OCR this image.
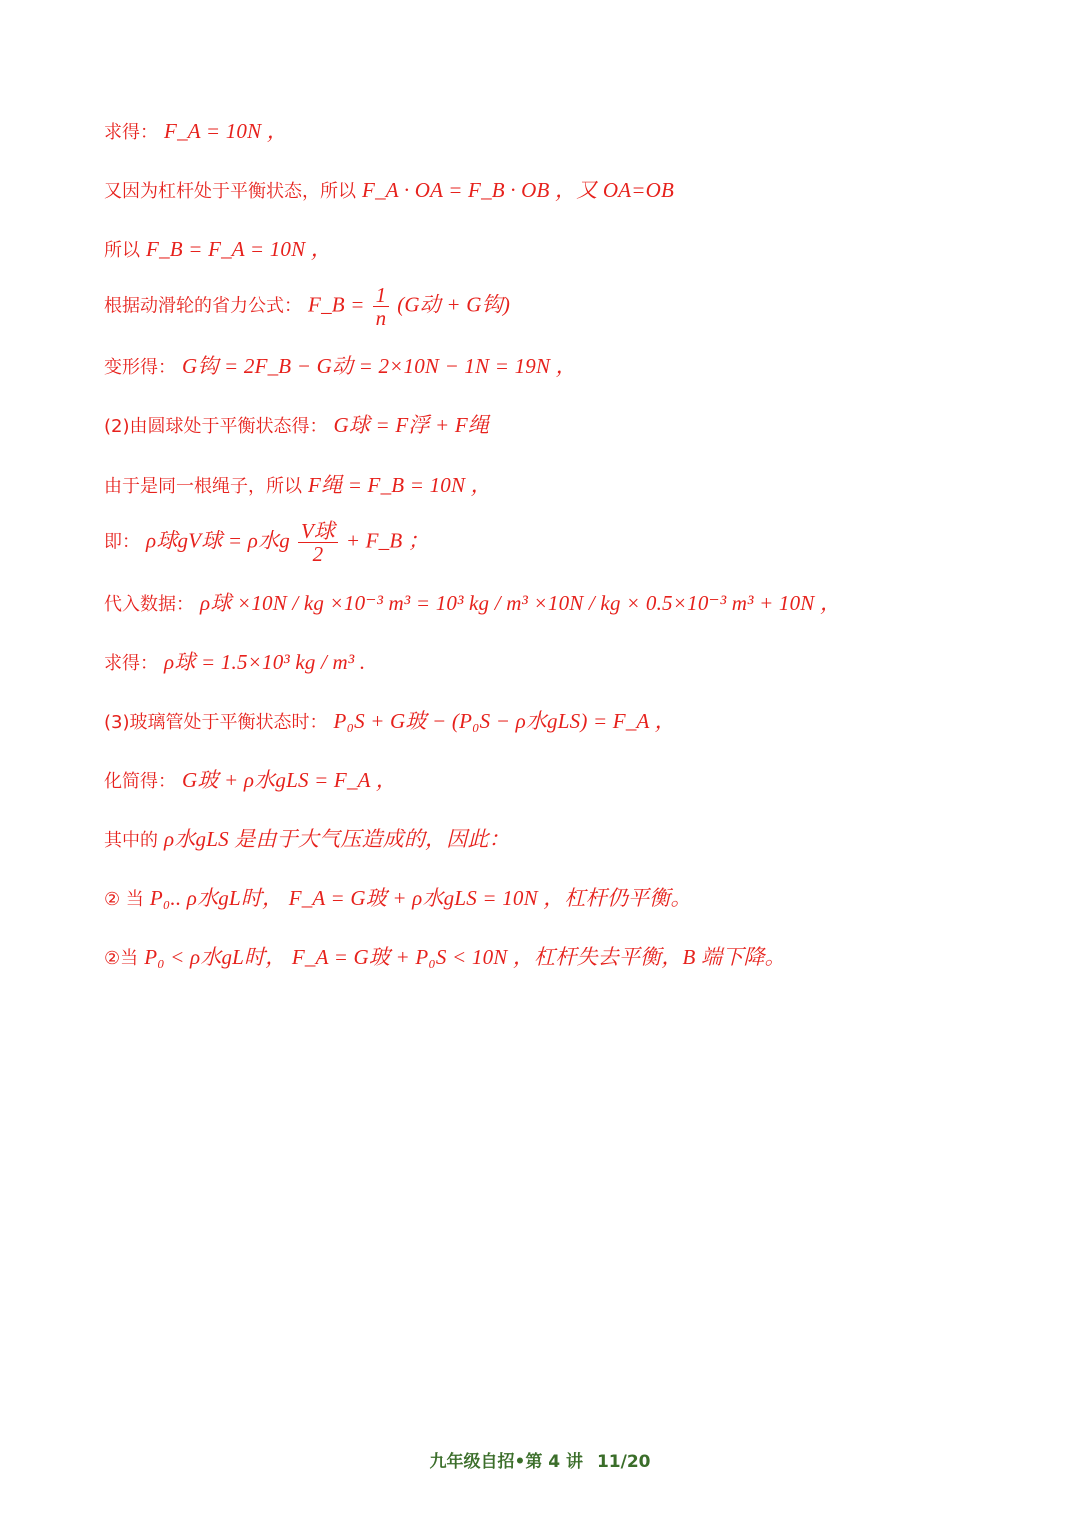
求得： F_A = 10N ，
又因为杠杆处于平衡状态，所以 F_A · OA = F_B · OB ，又 OA=OB
所以 F_B = F_A = 10N ，
根据动滑轮的省力公式： F_B = $\frac{1}{n} (G$动 + G钩)
变形得： G钩 = 2F_B − G动 = 2×10N − 1N = 19N ，
(2)由圆球处于平衡状态得： G球 = F浮 + F绳
由于是同一根绳子，所以 F绳 = F_B = 10N ，
即： ρ球gV球 = ρ水g $\frac{\text{V球}}{2}$ + F_B ；
代入数据： ρ球 ×10N / kg ×10⁻³ m³ = 10³ kg / m³ ×10N / kg × 0.5×10⁻³ m³ + 10N ，
求得： ρ球 = 1.5×10³ kg / m³ .
(3)玻璃管处于平衡状态时： P₀S + G玻 − (P₀S − ρ水gLS) = F_A ，
化简得： G玻 + ρ水gLS = F_A ，
其中的 ρ水gLS 是由于大气压造成的，因此：
② 当 P₀.. ρ水gL时， F_A = G玻 + ρ水gLS = 10N ，杠杆仍平衡。
②当 P₀ < ρ水gL时， F_A = G玻 + P₀S < 10N ，杠杆失去平衡，B 端下降。
九年级自招•第 4 讲 11/20
